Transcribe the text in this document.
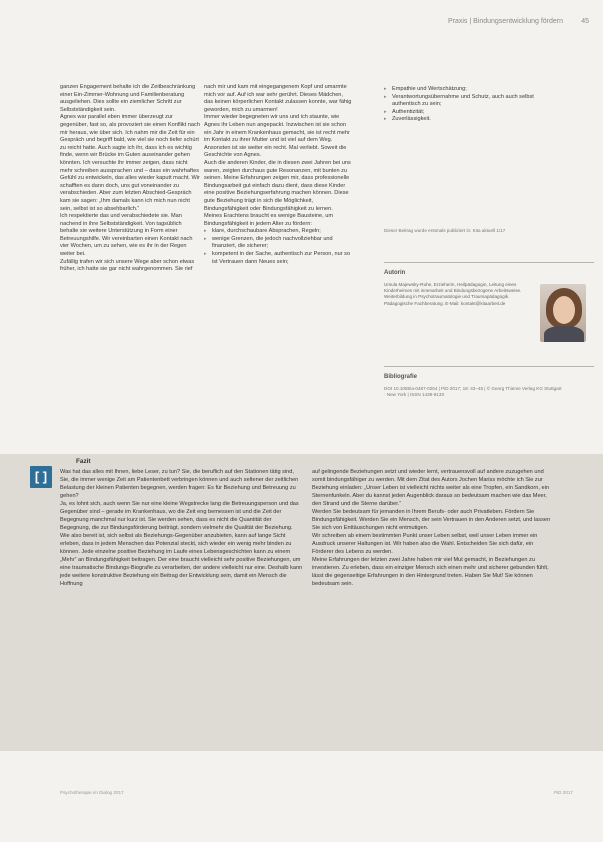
Praxis | Bindungsentwicklung fördern	45

ganzen Engagement behalte ich die Zeitbeschränkung einer Ein-Zimmer-Wohnung und Familienberatung ausgeliehen. Dies sollte ein ziemlicher Schritt zur Selbstständigkeit sein.

Agnes war parallel eben immer überzeugt zur gegenüber, fast so, als provoziert sie einen Konflikt nach mir heraus, wie über sich. Ich nahm mir die Zeit für ein Gespräch und begriff bald, wie viel sie noch tiefer schürt zu reicht hatte. Auch sagte ich ihr, dass ich es wichtig finde, wenn wir Brücke im Guten auseinander gehen könnten. Ich versuchte ihr immer zeigen, dass nicht mehr schreiben aussprachen und – dass ein wahrhaftes Gefühl zu entwickeln, das alles wieder kaputt macht. Wir schafften es dann doch, uns gut voneinander zu verabschieden. Aber zum letzten Abschied-Gespräch kam sie sagen: „Ihm damals kann ich mich nun nicht sein, selbst ist so absehbarlich.“

Ich respektierte das und verabschiedete sie. Man nachend in ihre Selbstständigkeit. Von tagsüblich behalte sie weitere Unterstützung in Form einer Betreuungshilfe. Wir vereinbarten einen Kontakt nach vier Wochen, um zu sehen, wie es ihr in der Regen weiter bei.

Zufällig trafen wir sich unsere Wege aber schon etwas früher, ich hatte sie gar nicht wahrgenommen. Sie rief

nach mir und kam mit eingegangenem Kopf und umarmte mich vor auf. Auf ich war sehr gerührt. Dieses Mädchen, das keinen körperlichen Kontakt zulassen konnte, war fähig geworden, mich zu umarmen!

Immer wieder begegneten wir uns und ich staunte, wie Agnes ihr Leben nun angepackt. Inzwischen ist sie schon ein Jahr in einem Krankenhaus gemacht, sie ist recht mehr im Kontakt zu ihrer Mutter und ist viel auf dem Weg. Ansonsten ist sie weiter ein recht. Mal verliebt. Soweit die Geschichte von Agnes.

Auch die anderen Kinder, die in diesen zwei Jahren bei uns waren, zeigten durchaus gute Resonanzen, mit bunten zu seinen. Meine Erfahrungen zeigen mir, dass professionelle Bindungsarbeit gut einfach dazu dient, dass diese Kinder eine positive Beziehungserfahrung machen können. Diese gute Beziehung trägt in sich die Möglichkeit, Bindungsfähigkeit oder Bindungsfähigkeit zu lernen. Meines Erachtens braucht es wenige Bausteine, um Bindungsfähigkeit in jedem Alter zu fördern:

▸ klare, durchschaubare Absprachen, Regeln;
▸ wenige Grenzen, die jedoch nachvollziehbar und finanziert, die sicherer;
▸ kompetent in der Sache, authentisch zur Person, nur so ist Vertrauen dann Neues sein;
▸ Empathie und Wertschätzung;
▸ Verantwortungsübernahme und Schutz, auch auch selbst authentisch zu sein;
▸ Authentizität;
▸ Zuverlässigkeit.
Dieser Beitrag wurde erstmals publiziert in: Kita aktuell 1/17
Autorin
Ursula Majewsky-Ruhe, Erzieherin, Heilpädagogin, Leitung eines Kinderheimes mit innenarbeit und Bindungsbezogene Arbeitsweise. Weiterbildung in Psychotraumatologie und Traumapädagogik. Pädagogische Fachberatung. E-Mail: kontakt@kitaarbeit.de
Bibliografie
DOI 10.1055/a-0487-0264 | PiD 2017; 18: 43–45 | © Georg Thieme Verlag KG Stuttgart · New York | ISSN 1439-913X
[ ]
Fazit

Was hat das alles mit Ihnen, liebe Leser, zu tun? Sie, die beruflich auf den Stationen tätig sind, Sie, die immer wenige Zeit am Patientenbett verbringen können und auch seltener der zeitlichen Belastung der kleinen Patienten begegnen, werden fragen: Es für Beziehung und Betreuung zu gehen?

Ja, es lohnt sich, auch wenn Sie nur eine kleine Wegstrecke lang die Betreuungsperson und das Gegenüber sind – gerade im Krankenhaus, wo die Zeit eng bemessen ist und die Zeit der Begegnung manchmal nur kurz ist. Sie werden sehen, dass es nicht die Quantität der Begegnung, die zur Bindungsförderung beiträgt, sondern vielmehr die Qualität der Beziehung.

Wie also bereit ist, sich selbst als Beziehungs-Gegenüber anzubieten, kann auf lange Sicht erleben, dass in jedem Menschen das Potenzial steckt, sich wieder ein wenig mehr binden zu können. Jede einzelne positive Beziehung im Laufe eines Lebensgeschichten kann zu einem „Mehr“ an Bindungsfähigkeit beitragen. Der eine braucht vielleicht sehr positive Beziehungen, um eine traumatische Bindungs-Biografie zu verarbeiten, der andere vielleicht nur eine. Deshalb kann jede weitere konstruktive Beziehung ein Beitrag der Entwicklung sein, damit ein Mensch die Hoffnung

auf gelingende Beziehungen setzt und wieder lernt, vertrauensvoll auf andere zuzugehen und somit bindungsfähiger zu werden. Mit dem Zitat des Autors Jochen Mariss möchte ich Sie zur Beziehung einladen: „Unser Leben ist vielleicht nichts weiter als eine Tropfen, ein Sandkorn, ein Sternenfunkeln. Aber du kannst jeden Augenblick daraus so bedeutsam machen wie das Meer, den Strand und die Sterne darüber.“

Werden Sie bedeutsam für jemanden in Ihrem Berufs- oder auch Privatleben. Fördern Sie Bindungsfähigkeit. Werden Sie ein Mensch, der sein Vertrauen in den Anderen setzt, und lassen Sie sich von Enttäuschungen nicht entmutigen.

Wir schreiben ab einem bestimmten Punkt unser Leben selbst, weil unser Leben immer ein Ausdruck unserer Haltungen ist. Wir haben also die Wahl. Entscheiden Sie sich dafür, ein Förderer des Lebens zu werden.

Meine Erfahrungen der letzten zwei Jahre haben mir viel Mut gemacht, in Beziehungen zu investieren. Zu erleben, dass ein einziger Mensch sich einen mehr und sicherer gebunden fühlt, lässt die gegenseitige Erfahrungen in den Hintergrund treten. Haben Sie Mut! Sie können bedeutsam sein.

Psychotherapie im Dialog 2017	PiD 2017
